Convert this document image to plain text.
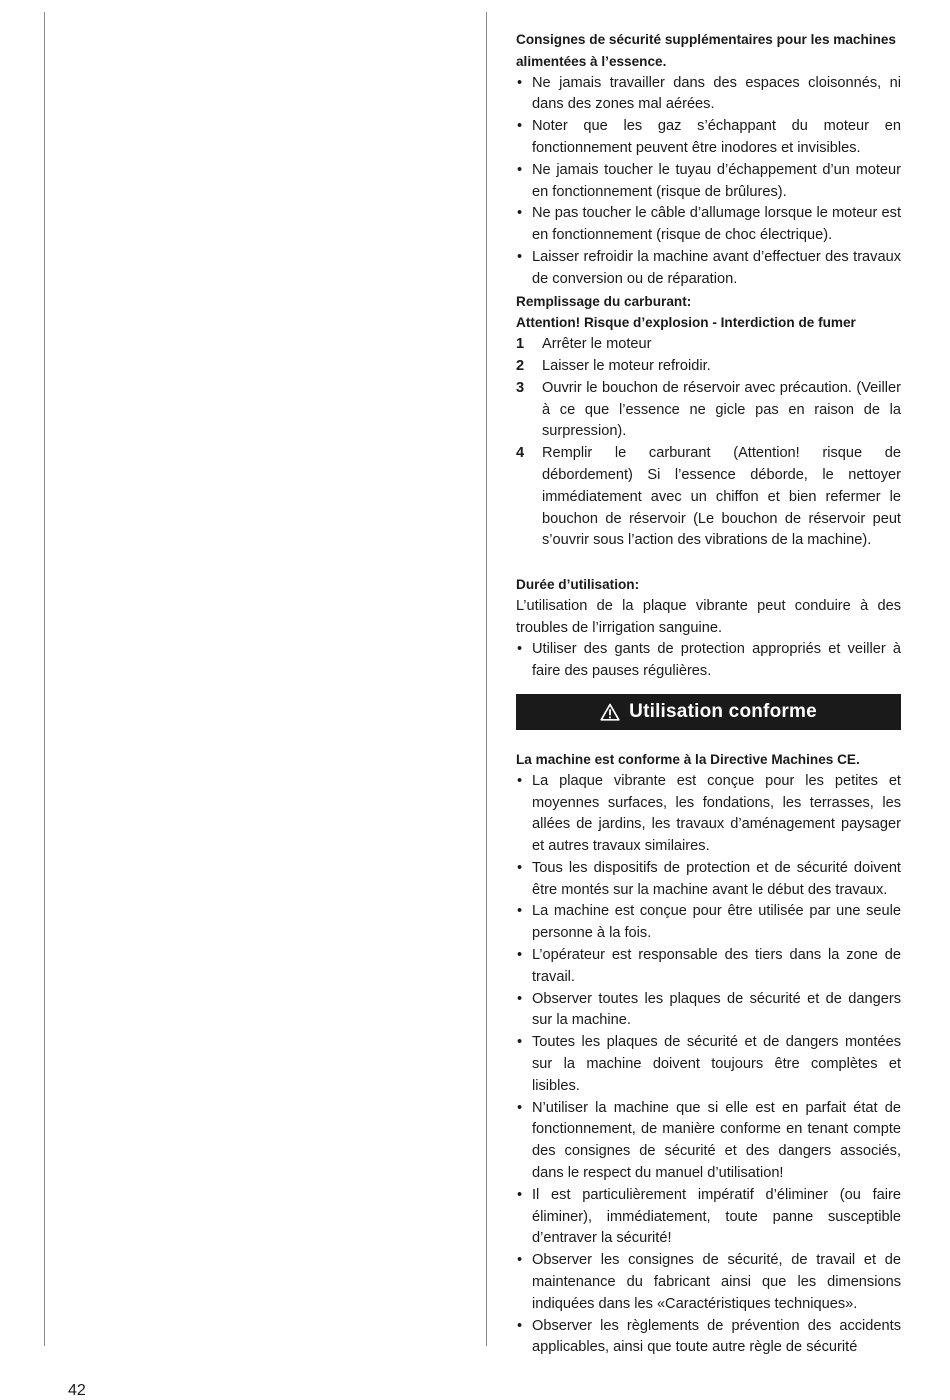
Consignes de sécurité supplémentaires pour les machines alimentées à l’essence.

• Ne jamais travailler dans des espaces cloisonnés, ni dans des zones mal aérées.
• Noter que les gaz s’échappant du moteur en fonctionnement peuvent être inodores et invisibles.
• Ne jamais toucher le tuyau d’échappement d’un moteur en fonctionnement (risque de brûlures).
• Ne pas toucher le câble d’allumage lorsque le moteur est en fonctionnement (risque de choc électrique).
• Laisser refroidir la machine avant d’effectuer des travaux de conversion ou de réparation.

Remplissage du carburant:

Attention! Risque d’explosion - Interdiction de fumer

1 Arrêter le moteur
2 Laisser le moteur refroidir.
3 Ouvrir le bouchon de réservoir avec précaution. (Veiller à ce que l’essence ne gicle pas en raison de la surpression).
4 Remplir le carburant (Attention! risque de débordement) Si l’essence déborde, le nettoyer immédiatement avec un chiffon et bien refermer le bouchon de réservoir (Le bouchon de réservoir peut s’ouvrir sous l’action des vibrations de la machine).

Durée d’utilisation:

L’utilisation de la plaque vibrante peut conduire à des troubles de l’irrigation sanguine.

• Utiliser des gants de protection appropriés et veiller à faire des pauses régulières.
Utilisation conforme

La machine est conforme à la Directive Machines CE.

• La plaque vibrante est conçue pour les petites et moyennes surfaces, les fondations, les terrasses, les allées de jardins, les travaux d’aménagement paysager et autres travaux similaires.
• Tous les dispositifs de protection et de sécurité doivent être montés sur la machine avant le début des travaux.
• La machine est conçue pour être utilisée par une seule personne à la fois.
• L’opérateur est responsable des tiers dans la zone de travail.
• Observer toutes les plaques de sécurité et de dangers sur la machine.
• Toutes les plaques de sécurité et de dangers montées sur la machine doivent toujours être complètes et lisibles.
• N’utiliser la machine que si elle est en parfait état de fonctionnement, de manière conforme en tenant compte des consignes de sécurité et des dangers associés, dans le respect du manuel d’utilisation!
• Il est particulièrement impératif d’éliminer (ou faire éliminer), immédiatement, toute panne susceptible d’entraver la sécurité!
• Observer les consignes de sécurité, de travail et de maintenance du fabricant ainsi que les dimensions indiquées dans les «Caractéristiques techniques».
• Observer les règlements de prévention des accidents applicables, ainsi que toute autre règle de sécurité
42
